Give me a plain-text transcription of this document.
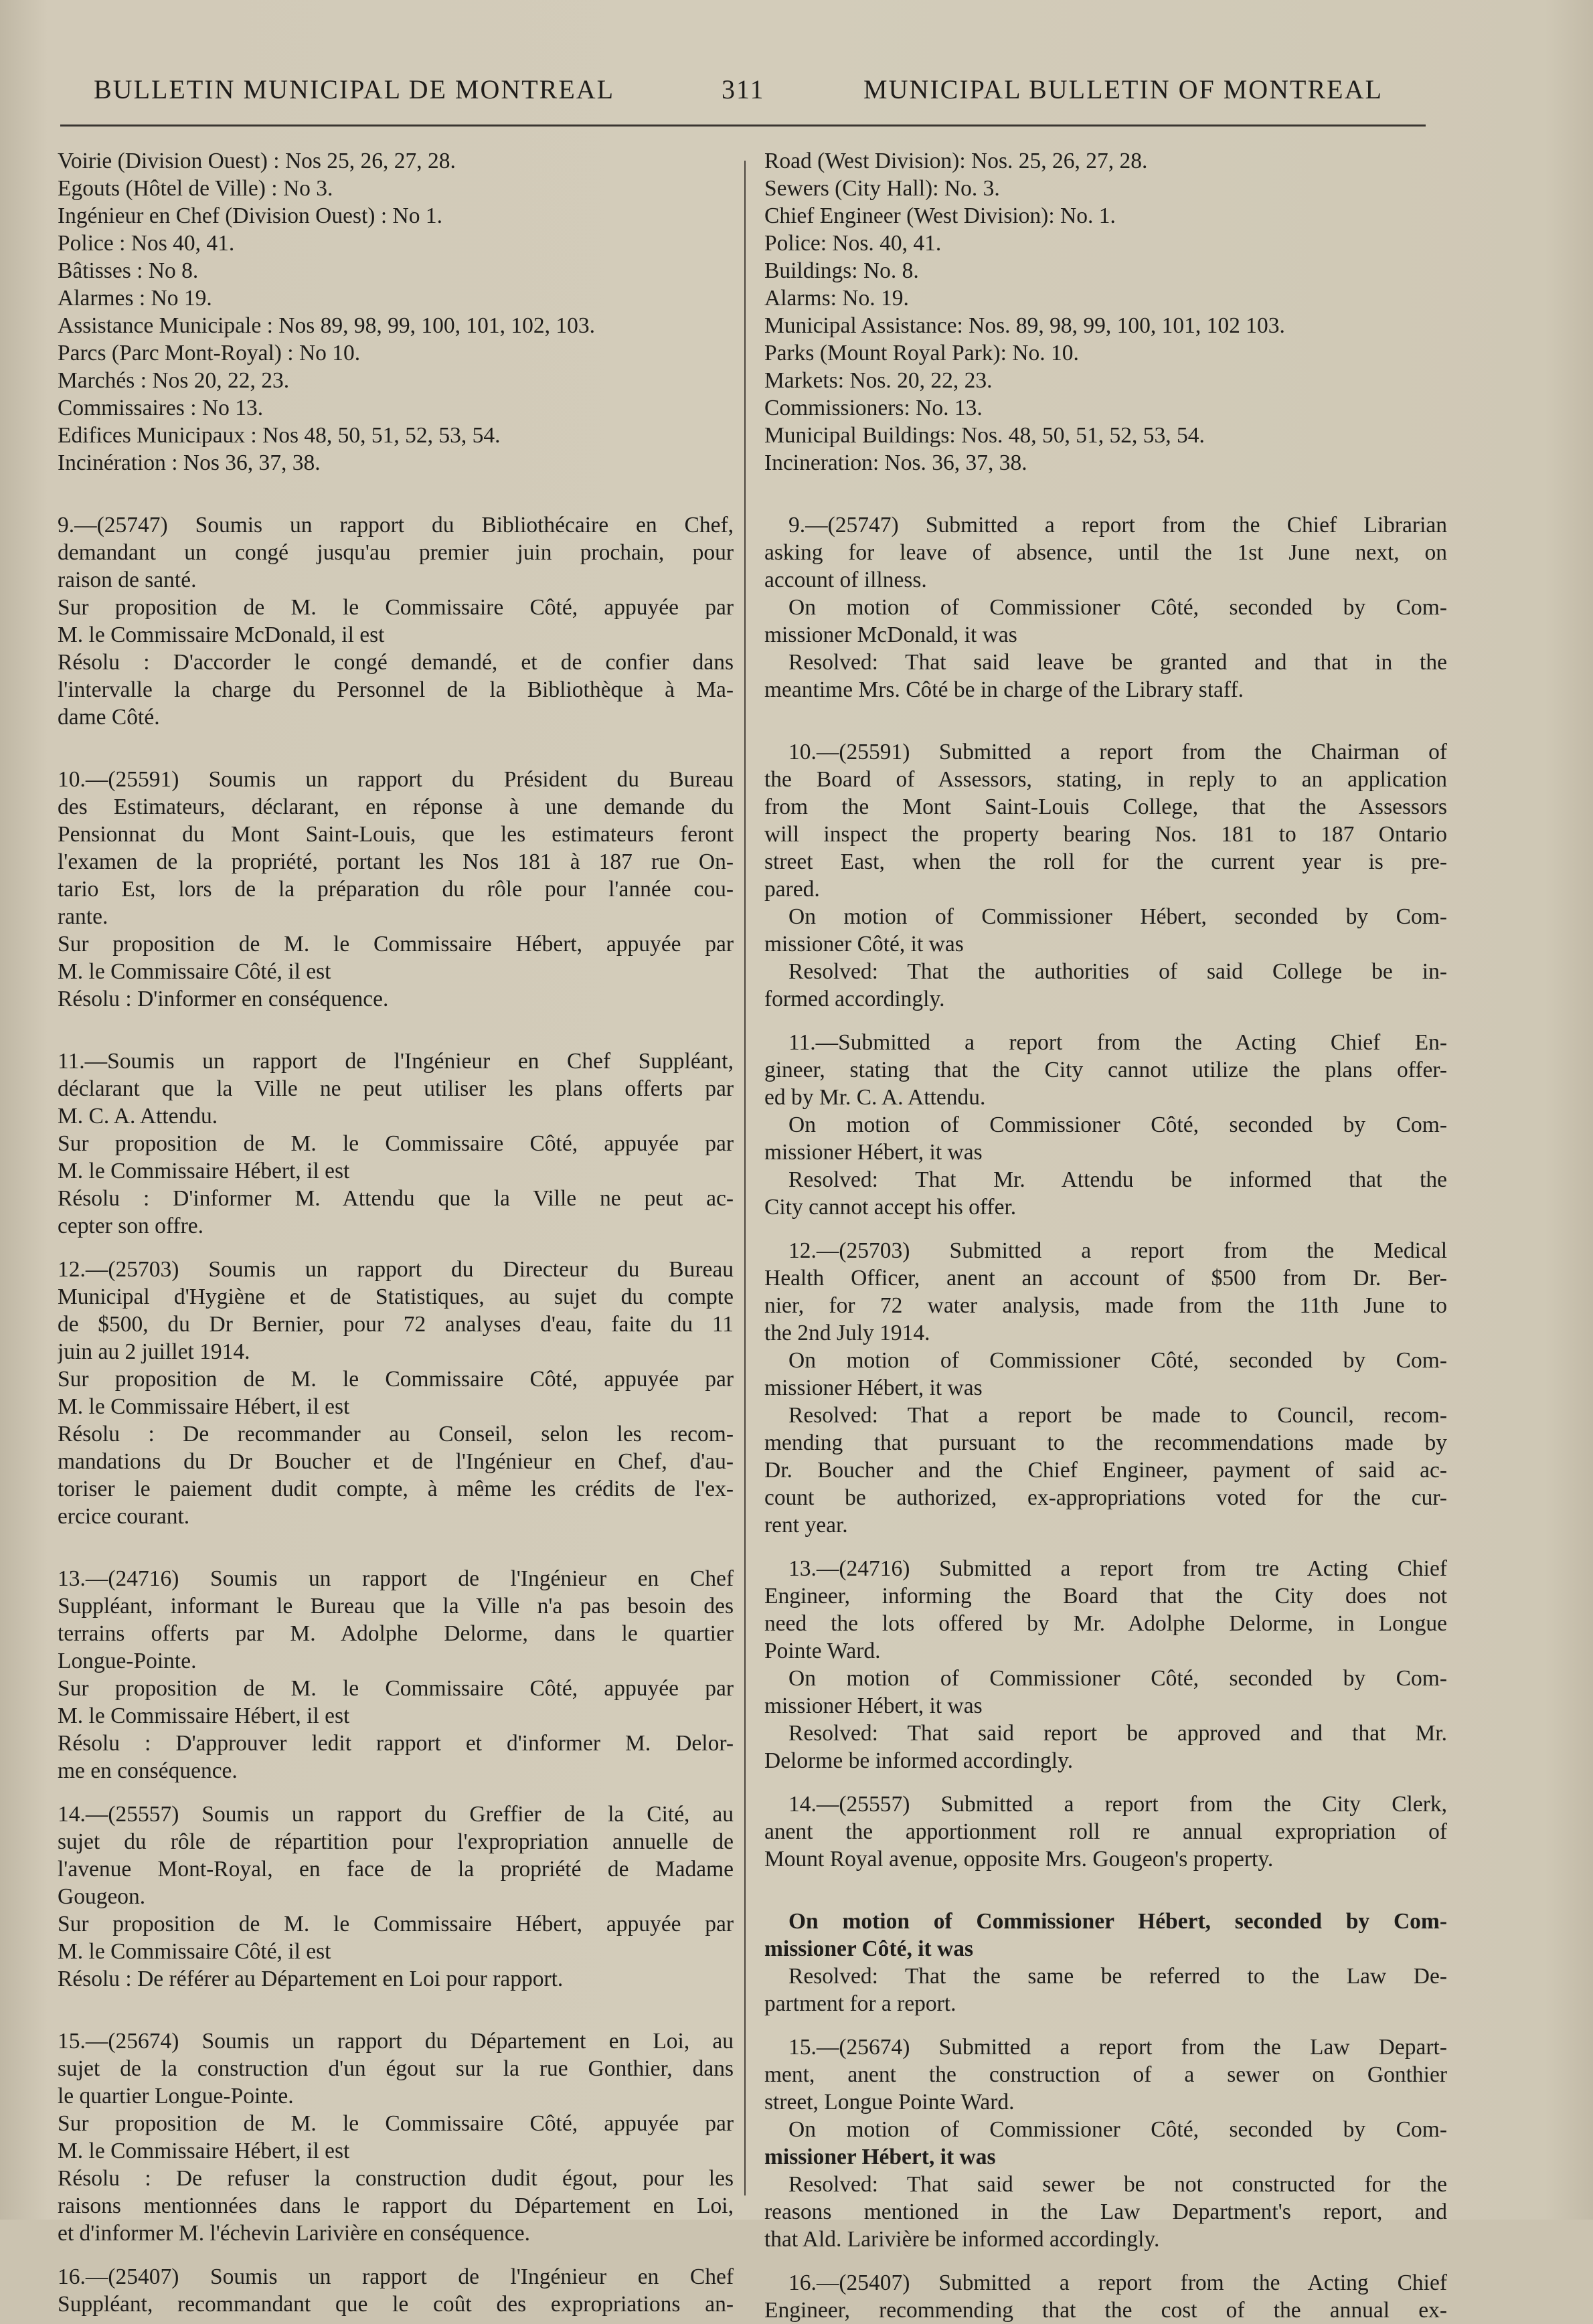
BULLETIN MUNICIPAL DE MONTREAL	311	MUNICIPAL BULLETIN OF MONTREAL
Voirie (Division Ouest) : Nos 25, 26, 27, 28.
Egouts (Hôtel de Ville) : No 3.
Ingénieur en Chef (Division Ouest) : No 1.
Police : Nos 40, 41.
Bâtisses : No 8.
Alarmes : No 19.
Assistance Municipale : Nos 89, 98, 99, 100, 101, 102, 103.
Parcs (Parc Mont-Royal) : No 10.
Marchés : Nos 20, 22, 23.
Commissaires : No 13.
Edifices Municipaux : Nos 48, 50, 51, 52, 53, 54.
Incinération : Nos 36, 37, 38.
9.—(25747) Soumis un rapport du Bibliothécaire en Chef,
demandant un congé jusqu'au premier juin prochain, pour
raison de santé.
Sur proposition de M. le Commissaire Côté, appuyée par
M. le Commissaire McDonald, il est
Résolu : D'accorder le congé demandé, et de confier dans
l'intervalle la charge du Personnel de la Bibliothèque à Ma-
dame Côté.
10.—(25591) Soumis un rapport du Président du Bureau
des Estimateurs, déclarant, en réponse à une demande du
Pensionnat du Mont Saint-Louis, que les estimateurs feront
l'examen de la propriété, portant les Nos 181 à 187 rue On-
tario Est, lors de la préparation du rôle pour l'année cou-
rante.
Sur proposition de M. le Commissaire Hébert, appuyée par
M. le Commissaire Côté, il est
Résolu : D'informer en conséquence.
11.—Soumis un rapport de l'Ingénieur en Chef Suppléant,
déclarant que la Ville ne peut utiliser les plans offerts par
M. C. A. Attendu.
Sur proposition de M. le Commissaire Côté, appuyée par
M. le Commissaire Hébert, il est
Résolu : D'informer M. Attendu que la Ville ne peut ac-
cepter son offre.
12.—(25703) Soumis un rapport du Directeur du Bureau
Municipal d'Hygiène et de Statistiques, au sujet du compte
de $500, du Dr Bernier, pour 72 analyses d'eau, faite du 11
juin au 2 juillet 1914.
Sur proposition de M. le Commissaire Côté, appuyée par
M. le Commissaire Hébert, il est
Résolu : De recommander au Conseil, selon les recom-
mandations du Dr Boucher et de l'Ingénieur en Chef, d'au-
toriser le paiement dudit compte, à même les crédits de l'ex-
ercice courant.
13.—(24716) Soumis un rapport de l'Ingénieur en Chef
Suppléant, informant le Bureau que la Ville n'a pas besoin des
terrains offerts par M. Adolphe Delorme, dans le quartier
Longue-Pointe.
Sur proposition de M. le Commissaire Côté, appuyée par
M. le Commissaire Hébert, il est
Résolu : D'approuver ledit rapport et d'informer M. Delor-
me en conséquence.
14.—(25557) Soumis un rapport du Greffier de la Cité, au
sujet du rôle de répartition pour l'expropriation annuelle de
l'avenue Mont-Royal, en face de la propriété de Madame
Gougeon.
Sur proposition de M. le Commissaire Hébert, appuyée par
M. le Commissaire Côté, il est
Résolu : De référer au Département en Loi pour rapport.
15.—(25674) Soumis un rapport du Département en Loi, au
sujet de la construction d'un égout sur la rue Gonthier, dans
le quartier Longue-Pointe.
Sur proposition de M. le Commissaire Côté, appuyée par
M. le Commissaire Hébert, il est
Résolu : De refuser la construction dudit égout, pour les
raisons mentionnées dans le rapport du Département en Loi,
et d'informer M. l'échevin Larivière en conséquence.
16.—(25407) Soumis un rapport de l'Ingénieur en Chef
Suppléant, recommandant que le coût des expropriations an-
Road (West Division): Nos. 25, 26, 27, 28.
Sewers (City Hall): No. 3.
Chief Engineer (West Division): No. 1.
Police: Nos. 40, 41.
Buildings: No. 8.
Alarms: No. 19.
Municipal Assistance: Nos. 89, 98, 99, 100, 101, 102 103.
Parks (Mount Royal Park): No. 10.
Markets: Nos. 20, 22, 23.
Commissioners: No. 13.
Municipal Buildings: Nos. 48, 50, 51, 52, 53, 54.
Incineration: Nos. 36, 37, 38.
9.—(25747) Submitted a report from the Chief Librarian
asking for leave of absence, until the 1st June next, on
account of illness.
On motion of Commissioner Côté, seconded by Com-
missioner McDonald, it was
Resolved: That said leave be granted and that in the
meantime Mrs. Côté be in charge of the Library staff.
10.—(25591) Submitted a report from the Chairman of
the Board of Assessors, stating, in reply to an application
from the Mont Saint-Louis College, that the Assessors
will inspect the property bearing Nos. 181 to 187 Ontario
street East, when the roll for the current year is pre-
pared.
On motion of Commissioner Hébert, seconded by Com-
missioner Côté, it was
Resolved: That the authorities of said College be in-
formed accordingly.
11.—Submitted a report from the Acting Chief En-
gineer, stating that the City cannot utilize the plans offer-
ed by Mr. C. A. Attendu.
On motion of Commissioner Côté, seconded by Com-
missioner Hébert, it was
Resolved: That Mr. Attendu be informed that the
City cannot accept his offer.
12.—(25703) Submitted a report from the Medical
Health Officer, anent an account of $500 from Dr. Ber-
nier, for 72 water analysis, made from the 11th June to
the 2nd July 1914.
On motion of Commissioner Côté, seconded by Com-
missioner Hébert, it was
Resolved: That a report be made to Council, recom-
mending that pursuant to the recommendations made by
Dr. Boucher and the Chief Engineer, payment of said ac-
count be authorized, ex-appropriations voted for the cur-
rent year.
13.—(24716) Submitted a report from tre Acting Chief
Engineer, informing the Board that the City does not
need the lots offered by Mr. Adolphe Delorme, in Longue
Pointe Ward.
On motion of Commissioner Côté, seconded by Com-
missioner Hébert, it was
Resolved: That said report be approved and that Mr.
Delorme be informed accordingly.
14.—(25557) Submitted a report from the City Clerk,
anent the apportionment roll re annual expropriation of
Mount Royal avenue, opposite Mrs. Gougeon's property.
On motion of Commissioner Hébert, seconded by Com-
missioner Côté, it was
Resolved: That the same be referred to the Law De-
partment for a report.
15.—(25674) Submitted a report from the Law Depart-
ment, anent the construction of a sewer on Gonthier
street, Longue Pointe Ward.
On motion of Commissioner Côté, seconded by Com-
missioner Hébert, it was
Resolved: That said sewer be not constructed for the
reasons mentioned in the Law Department's report, and
that Ald. Larivière be informed accordingly.
16.—(25407) Submitted a report from the Acting Chief
Engineer, recommending that the cost of the annual ex-
